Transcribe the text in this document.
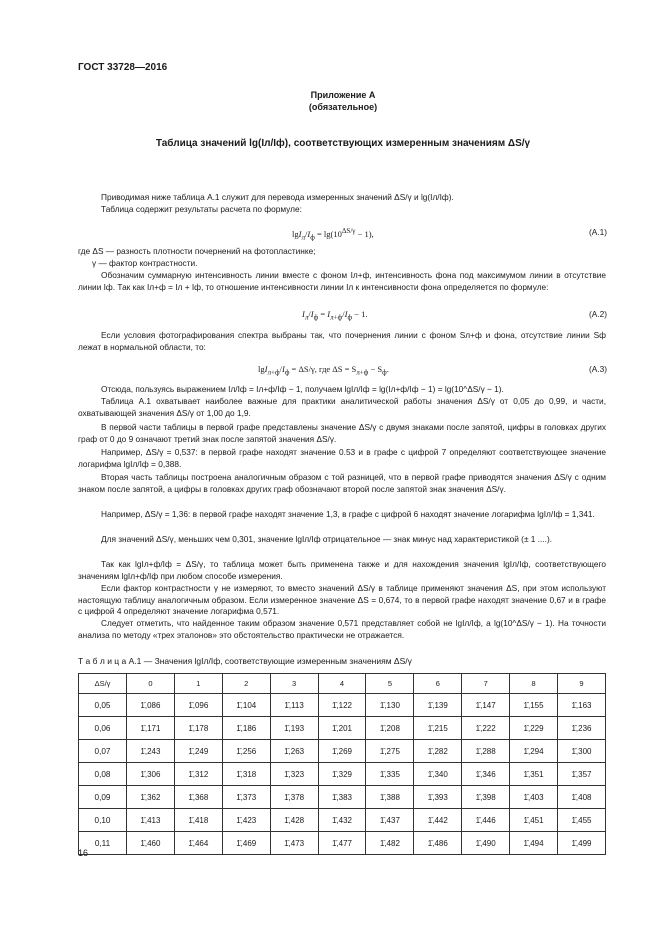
ГОСТ 33728—2016
Приложение А
(обязательное)
Таблица значений lg(Iл/Iф), соответствующих измеренным значениям ΔS/γ
Приводимая ниже таблица А.1 служит для перевода измеренных значений ΔS/γ и lg(Iл/Iф).
Таблица содержит результаты расчета по формуле:
$\lg I_л/I_ф = \lg(10^{\Delta S/\gamma} - 1)$,	(А.1)
где ΔS — разность плотности почернений на фотопластинке;
γ — фактор контрастности.
Обозначим суммарную интенсивность линии вместе с фоном Iл+ф, интенсивность фона под максимумом линии в отсутствие линии Iф. Так как Iл+ф = Iл + Iф, то отношение интенсивности линии Iл к интенсивности фона определяется по формуле:
$I_л/I_ф = I_{л+ф}/I_ф - 1$.	(А.2)
Если условия фотографирования спектра выбраны так, что почернения линии с фоном Sл+ф и фона, отсутствие линии Sф лежат в нормальной области, то:
$\lg I_{л+ф}/I_ф = \Delta S/\gamma$, где $\Delta S = S_{л+ф} - S_ф$.	(А.3)
Отсюда, пользуясь выражением Iл/Iф = Iл+ф/Iф − 1, получаем lgIл/Iф = lg(Iл+ф/Iф − 1) = lg(10^ΔS/γ − 1).
Таблица А.1 охватывает наиболее важные для практики аналитической работы значения ΔS/γ от 0,05 до 0,99, и части, охватывающей значения ΔS/γ от 1,00 до 1,9.
В первой части таблицы в первой графе представлены значение ΔS/γ с двумя знаками после запятой, цифры в головках других граф от 0 до 9 означают третий знак после запятой значения ΔS/γ.
Например, ΔS/γ = 0,537: в первой графе находят значение 0.53 и в графе с цифрой 7 определяют соответствующее значение логарифма lgIл/Iф = 0,388.
Вторая часть таблицы построена аналогичным образом с той разницей, что в первой графе приводятся значения ΔS/γ с одним знаком после запятой, а цифры в головках других граф обозначают второй после запятой знак значения ΔS/γ.
Например, ΔS/γ = 1,36: в первой графе находят значение 1,3, в графе с цифрой 6 находят значение логарифма lgIл/Iф = 1,341.
Для значений ΔS/γ, меньших чем 0,301, значение lgIл/Iф отрицательное — знак минус над характеристикой (± 1 ....).
Так как lgIл+ф/Iф = ΔS/γ, то таблица может быть применена также и для нахождения значения lgIл/Iф, соответствующего значениям lgIл+ф/Iф при любом способе измерения.
Если фактор контрастности γ не измеряют, то вместо значений ΔS/γ в таблице применяют значения ΔS, при этом используют настоящую таблицу аналогичным образом. Если измеренное значение ΔS = 0,674, то в первой графе находят значение 0,67 и в графе с цифрой 4 определяют значение логарифма 0,571.
Следует отметить, что найденное таким образом значение 0,571 представляет собой не lgIл/Iф, а lg(10^ΔS/γ − 1). На точности анализа по методу «трех эталонов» это обстоятельство практически не отражается.
Т а б л и ц а А.1 — Значения lgIл/Iф, соответствующие измеренным значениям ΔS/γ
ΔS/γ	0	1	2	3	4	5	6	7	8	9
0,05	1̄,086	1̄,096	1̄,104	1̄,113	1̄,122	1̄,130	1̄,139	1̄,147	1̄,155	1̄,163
0,06	1̄,171	1̄,178	1̄,186	1̄,193	1̄,201	1̄,208	1̄,215	1̄,222	1̄,229	1̄,236
0,07	1̄,243	1̄,249	1̄,256	1̄,263	1̄,269	1̄,275	1̄,282	1̄,288	1̄,294	1̄,300
0,08	1̄,306	1̄,312	1̄,318	1̄,323	1̄,329	1̄,335	1̄,340	1̄,346	1̄,351	1̄,357
0,09	1̄,362	1̄,368	1̄,373	1̄,378	1̄,383	1̄,388	1̄,393	1̄,398	1̄,403	1̄,408
0,10	1̄,413	1̄,418	1̄,423	1̄,428	1̄,432	1̄,437	1̄,442	1̄,446	1̄,451	1̄,455
0,11	1̄,460	1̄,464	1̄,469	1̄,473	1̄,477	1̄,482	1̄,486	1̄,490	1̄,494	1̄,499
16
